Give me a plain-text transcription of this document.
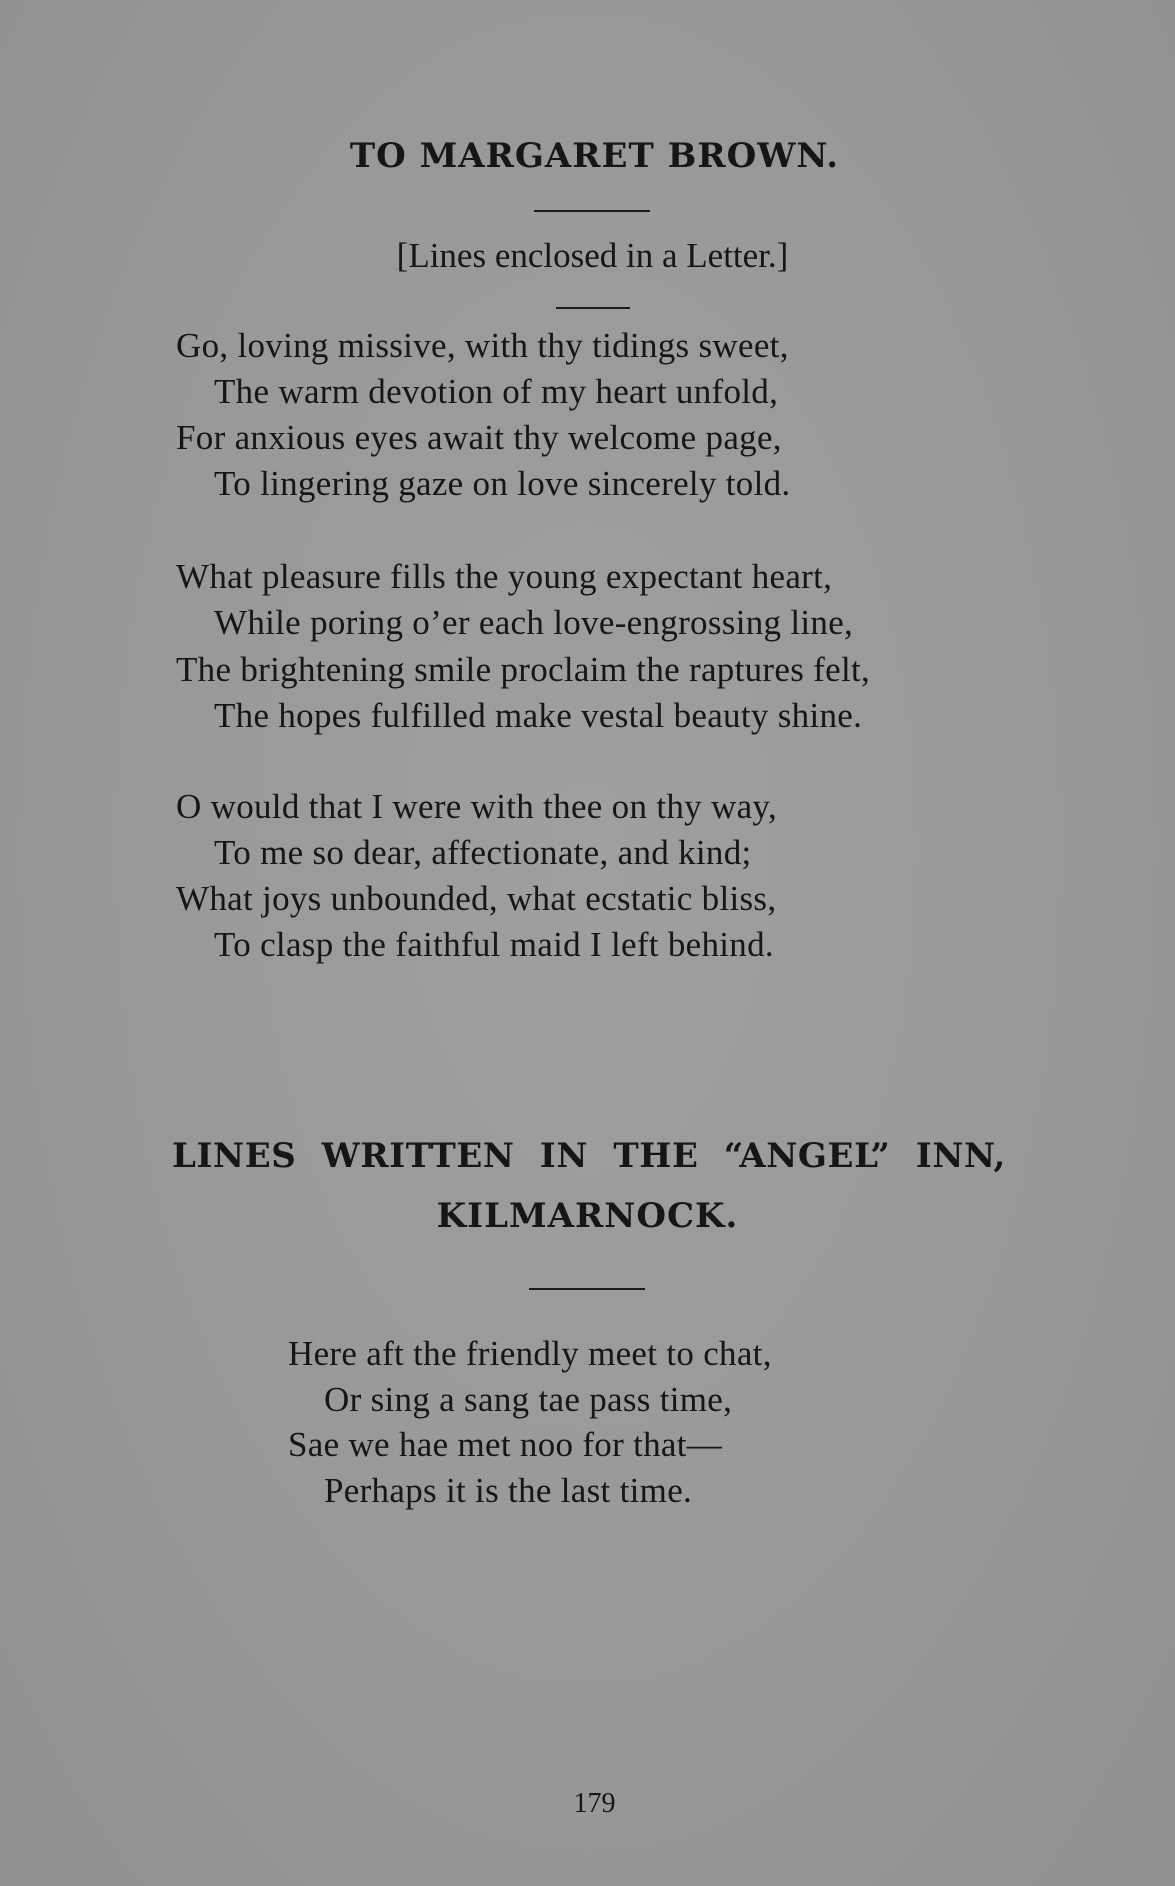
TO MARGARET BROWN.
[Lines enclosed in a Letter.]
Go, loving missive, with thy tidings sweet,
The warm devotion of my heart unfold,
For anxious eyes await thy welcome page,
To lingering gaze on love sincerely told.
What pleasure fills the young expectant heart,
While poring o’er each love-engrossing line,
The brightening smile proclaim the raptures felt,
The hopes fulfilled make vestal beauty shine.
O would that I were with thee on thy way,
To me so dear, affectionate, and kind;
What joys unbounded, what ecstatic bliss,
To clasp the faithful maid I left behind.
LINES WRITTEN IN THE “ANGEL” INN,
KILMARNOCK.
Here aft the friendly meet to chat,
Or sing a sang tae pass time,
Sae we hae met noo for that—
Perhaps it is the last time.
179
